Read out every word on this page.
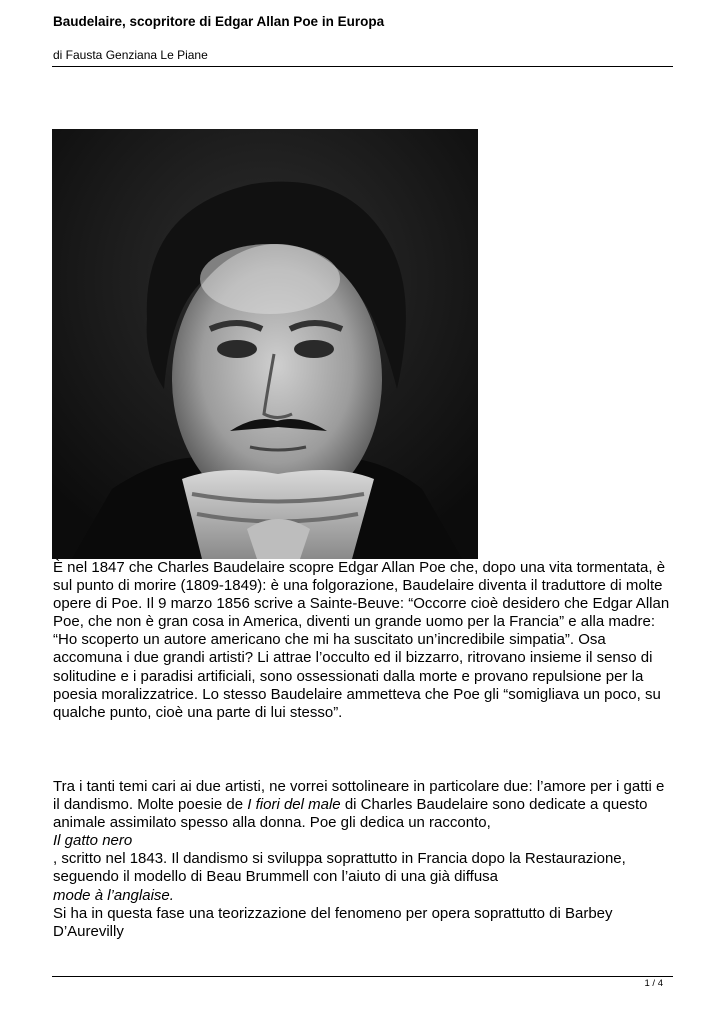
Baudelaire, scopritore di Edgar Allan Poe in Europa
di Fausta Genziana Le Piane

È nel 1847 che Charles Baudelaire scopre Edgar Allan Poe che, dopo una vita tormentata, è sul punto di morire (1809-1849): è una folgorazione, Baudelaire diventa il traduttore di molte opere di Poe. Il 9 marzo 1856 scrive a Sainte-Beuve: “Occorre cioè desidero che Edgar Allan Poe, che non è gran cosa in America, diventi un grande uomo per la Francia” e alla madre: “Ho scoperto un autore americano che mi ha suscitato un’incredibile simpatia”. Osa accomuna i due grandi artisti? Li attrae l’occulto ed il bizzarro, ritrovano insieme il senso di solitudine e i paradisi artificiali, sono ossessionati dalla morte e provano repulsione per la poesia moralizzatrice. Lo stesso Baudelaire ammetteva che Poe gli “somigliava un poco, su qualche punto, cioè una parte di lui stesso”.

Tra i tanti temi cari ai due artisti, ne vorrei sottolineare in particolare due: l’amore per i gatti e il dandismo. Molte poesie de I fiori del male di Charles Baudelaire sono dedicate a questo animale assimilato spesso alla donna. Poe gli dedica un racconto,
Il gatto nero
, scritto nel 1843. Il dandismo si sviluppa soprattutto in Francia dopo la Restaurazione, seguendo il modello di Beau Brummell con l’aiuto di una già diffusa
mode à l’anglaise.
Si ha in questa fase una teorizzazione del fenomeno per opera soprattutto di Barbey D’Aurevilly

1 / 4
